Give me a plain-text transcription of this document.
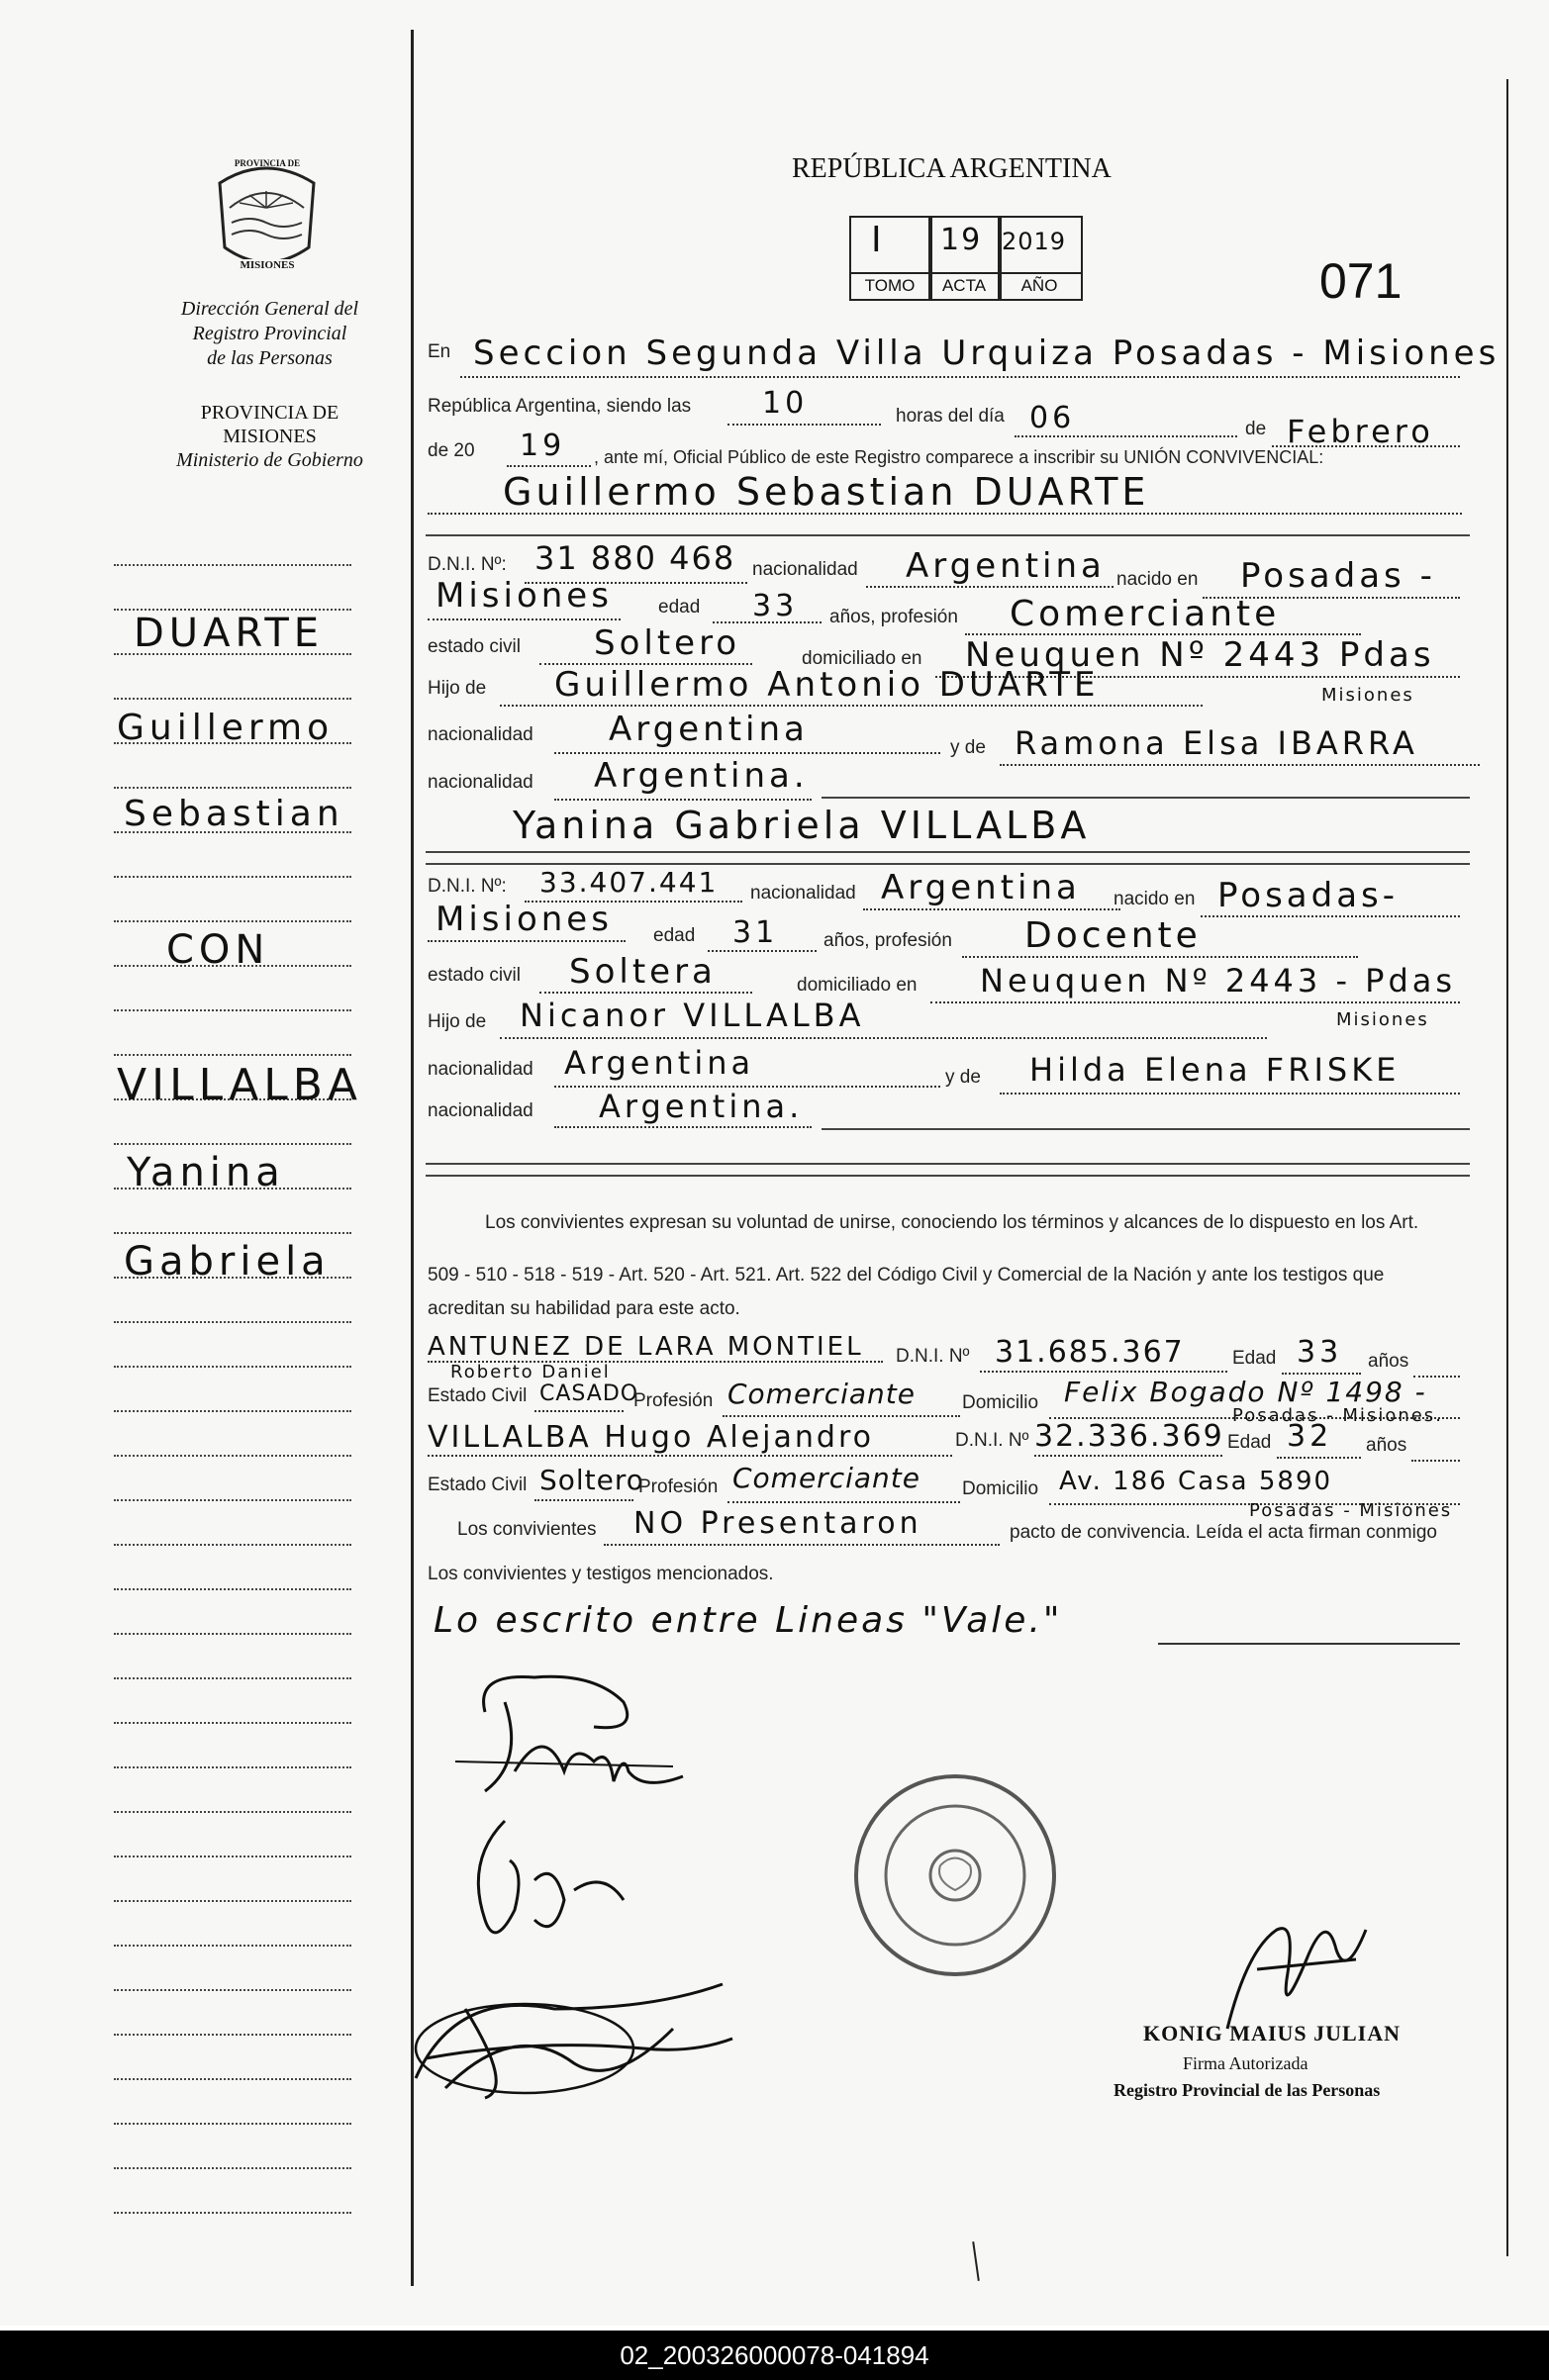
PROVINCIA DE
MISIONES
Dirección General del
Registro Provincial
de las Personas
PROVINCIA DE
MISIONES
Ministerio de Gobierno
DUARTE
Guillermo
Sebastian
CON
VILLALBA
Yanina
Gabriela
REPÚBLICA ARGENTINA
I 19 2019
TOMO	ACTA	AÑO	071
En Seccion Segunda Villa Urquiza Posadas - Misiones
República Argentina, siendo las 10	horas del día 06	de Febrero
de 20 19 , ante mí, Oficial Público de este Registro comparece a inscribir su UNIÓN CONVIVENCIAL:
Guillermo Sebastian DUARTE
D.N.I. Nº: 31 880 468 nacionalidad Argentina nacido en Posadas -
Misiones edad 33 años, profesión Comerciante
estado civil Soltero	domiciliado en Neuquen Nº 2443 Pdas
Misiones
Hijo de Guillermo Antonio DUARTE
nacionalidad Argentina	y de Ramona Elsa IBARRA
nacionalidad Argentina.
Yanina Gabriela VILLALBA
D.N.I. Nº: 33.407.441 nacionalidad Argentina nacido en Posadas-
Misiones edad 31 años, profesión Docente
estado civil Soltera	domiciliado en Neuquen Nº 2443 - Pdas
Misiones
Hijo de Nicanor VILLALBA
nacionalidad Argentina	y de Hilda Elena FRISKE
nacionalidad Argentina.
Los convivientes expresan su voluntad de unirse, conociendo los términos y alcances de lo dispuesto en los Art.
509 - 510 - 518 - 519 - Art. 520 - Art. 521. Art. 522 del Código Civil y Comercial de la Nación y ante los testigos que
acreditan su habilidad para este acto.
ANTUNEZ DE LARA MONTIEL
Roberto Daniel
D.N.I. Nº 31.685.367	Edad 33 años
Estado Civil CASADO
Profesión Comerciante Domicilio Felix Bogado Nº 1498 -
Posadas - Misiones.
VILLALBA Hugo Alejandro	D.N.I. Nº 32.336.369 Edad 32 años
Estado Civil Soltero
Profesión Comerciante Domicilio Av. 186 Casa 5890
Posadas - Misiones
Los convivientes NO Presentaron	pacto de convivencia. Leída el acta firman conmigo
Los convivientes y testigos mencionados.
Lo escrito entre Lineas "Vale."
KONIG MAIUS JULIAN
Firma Autorizada
Registro Provincial de las Personas
02_200326000078-041894
